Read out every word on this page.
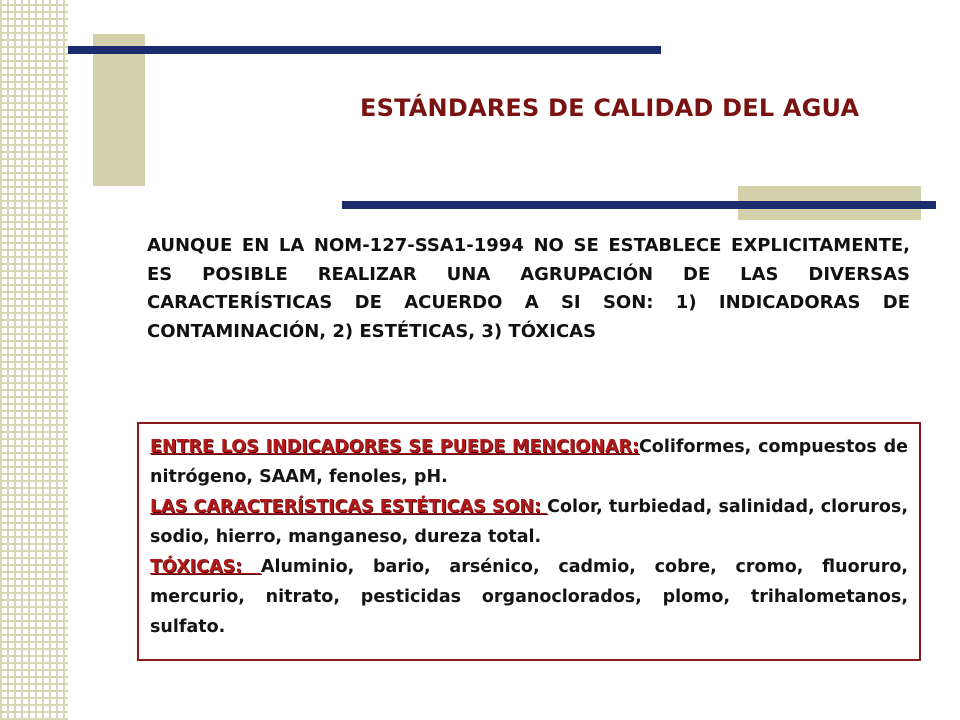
ESTÁNDARES DE CALIDAD DEL AGUA

AUNQUE EN LA NOM-127-SSA1-1994 NO SE ESTABLECE EXPLICITAMENTE, ES POSIBLE REALIZAR UNA AGRUPACIÓN DE LAS DIVERSAS CARACTERÍSTICAS DE ACUERDO A SI SON: 1) INDICADORAS DE CONTAMINACIÓN, 2) ESTÉTICAS, 3) TÓXICAS

ENTRE LOS INDICADORES SE PUEDE MENCIONAR:Coliformes, compuestos de nitrógeno, SAAM, fenoles, pH.

LAS CARACTERÍSTICAS ESTÉTICAS SON: Color, turbiedad, salinidad, cloruros, sodio, hierro, manganeso, dureza total.

TÓXICAS: Aluminio, bario, arsénico, cadmio, cobre, cromo, fluoruro, mercurio, nitrato, pesticidas organoclorados, plomo, trihalometanos, sulfato.
